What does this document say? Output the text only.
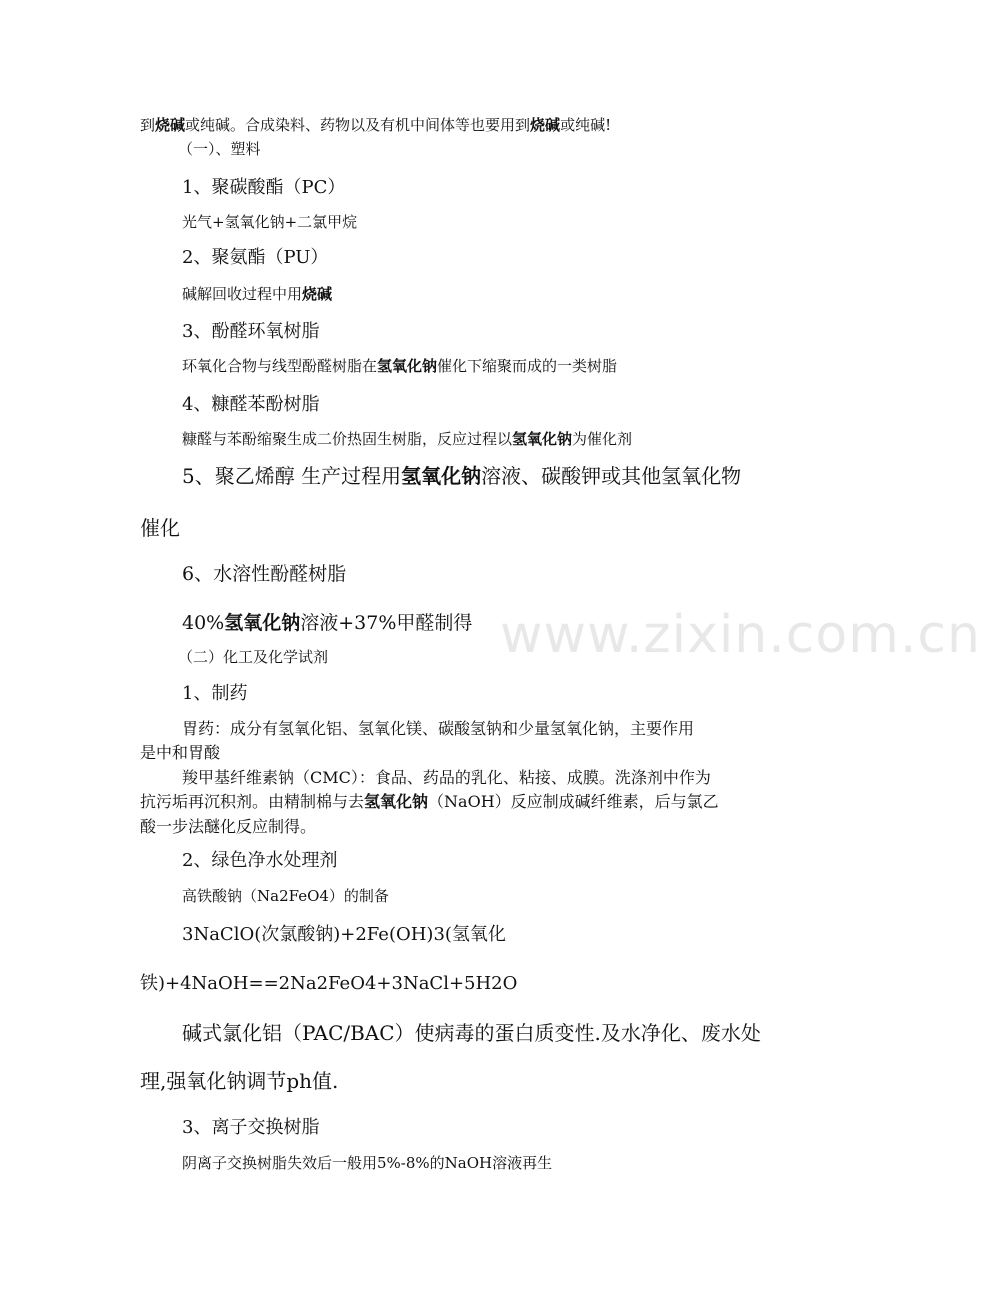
www.zixin.com.cn
到烧碱或纯碱。合成染料、药物以及有机中间体等也要用到烧碱或纯碱!
（一）、塑料
1、聚碳酸酯（PC）
光气+氢氧化钠+二氯甲烷
2、聚氨酯（PU）
碱解回收过程中用烧碱
3、酚醛环氧树脂
环氧化合物与线型酚醛树脂在氢氧化钠催化下缩聚而成的一类树脂
4、糠醛苯酚树脂
糠醛与苯酚缩聚生成二价热固生树脂，反应过程以氢氧化钠为催化剂
5、聚乙烯醇 生产过程用氢氧化钠溶液、碳酸钾或其他氢氧化物
催化
6、水溶性酚醛树脂
40%氢氧化钠溶液+37%甲醛制得
（二）化工及化学试剂
1、制药
胃药：成分有氢氧化铝、氢氧化镁、碳酸氢钠和少量氢氧化钠，主要作用
是中和胃酸
羧甲基纤维素钠（CMC）：食品、药品的乳化、粘接、成膜。洗涤剂中作为
抗污垢再沉积剂。由精制棉与去氢氧化钠（NaOH）反应制成碱纤维素，后与氯乙
酸一步法醚化反应制得。
2、绿色净水处理剂
高铁酸钠（Na2FeO4）的制备
3NaClO(次氯酸钠)+2Fe(OH)3(氢氧化
铁)+4NaOH==2Na2FeO4+3NaCl+5H2O
碱式氯化铝（PAC/BAC）使病毒的蛋白质变性.及水净化、废水处
理,强氧化钠调节ph值.
3、离子交换树脂
阴离子交换树脂失效后一般用5%-8%的NaOH溶液再生
